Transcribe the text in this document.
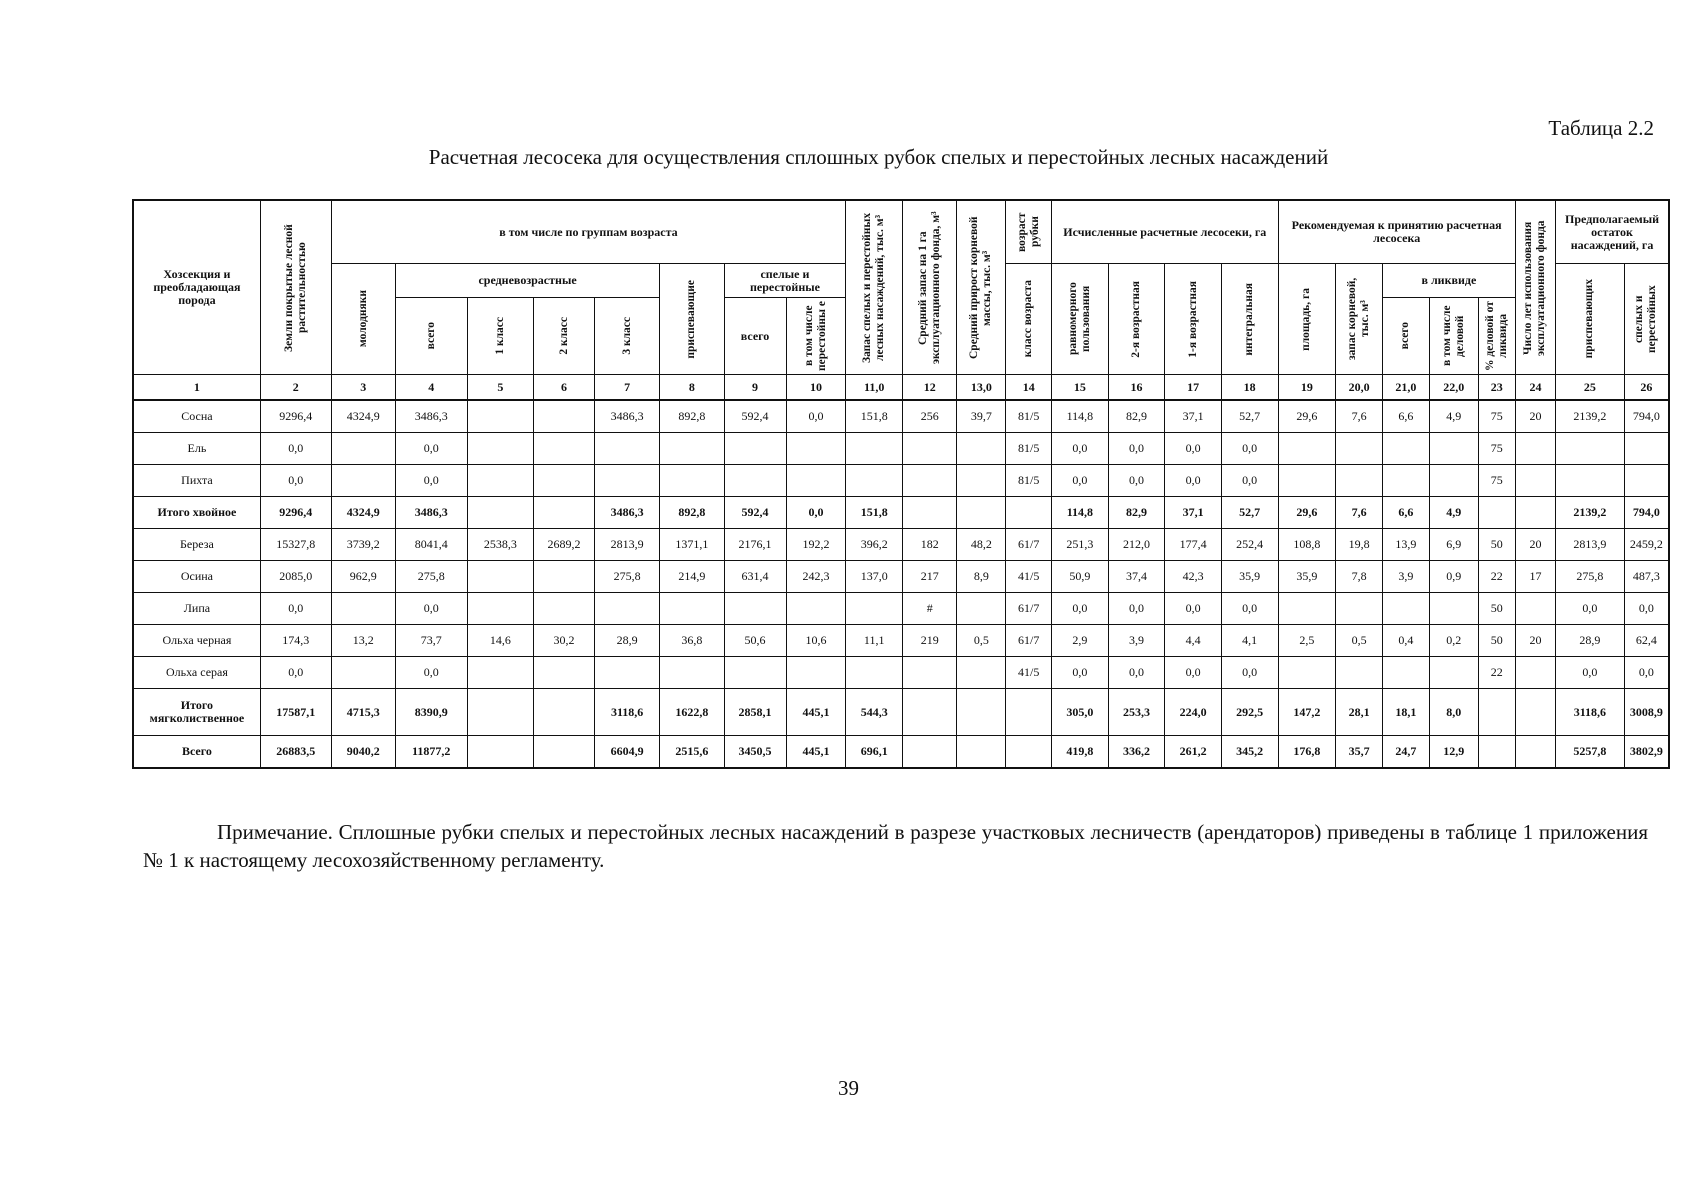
Таблица 2.2
Расчетная лесосека для осуществления сплошных рубок спелых и перестойных лесных насаждений
Хозсекция и преобладающая порода	Земли покрытые лесной растительностью	в том числе по группам возраста								Запас спелых и перестойных лесных насаждений, тыс. м³	Средний запас на 1 га эксплуатационного фонда, м³	Средний прирост корневой массы, тыс. м³	возраст рубки	Исчисленные расчетные лесосеки, га				Рекомендуемая к принятию расчетная лесосека					Число лет использования эксплуатационного фонда	Предполагаемый остаток насаждений, га	

		молодняки	средневозрастные				приспевающие	спелые и перестойные					класс возраста	равномерного пользования	2-я возрастная	1-я возрастная	интегральная	площадь, га	запас корневой, тыс. м³	в ликвиде				приспевающих	спелых и перестойных

			всего	1 класс	2 класс	3 класс		всего	в том числе перестойны е											всего	в том числе деловой	% деловой от ликвида			

1	2	3	4	5	6	7	8	9	10	11,0	12	13,0	14	15	16	17	18	19	20,0	21,0	22,0	23	24	25	26
Сосна	9296,4	4324,9	3486,3			3486,3	892,8	592,4	0,0	151,8	256	39,7	81/5	114,8	82,9	37,1	52,7	29,6	7,6	6,6	4,9	75	20	2139,2	794,0
Ель	0,0		0,0										81/5	0,0	0,0	0,0	0,0					75			
Пихта	0,0		0,0										81/5	0,0	0,0	0,0	0,0					75			
Итого хвойное	9296,4	4324,9	3486,3			3486,3	892,8	592,4	0,0	151,8				114,8	82,9	37,1	52,7	29,6	7,6	6,6	4,9			2139,2	794,0
Береза	15327,8	3739,2	8041,4	2538,3	2689,2	2813,9	1371,1	2176,1	192,2	396,2	182	48,2	61/7	251,3	212,0	177,4	252,4	108,8	19,8	13,9	6,9	50	20	2813,9	2459,2
Осина	2085,0	962,9	275,8			275,8	214,9	631,4	242,3	137,0	217	8,9	41/5	50,9	37,4	42,3	35,9	35,9	7,8	3,9	0,9	22	17	275,8	487,3
Липа	0,0		0,0								#		61/7	0,0	0,0	0,0	0,0					50		0,0	0,0
Ольха черная	174,3	13,2	73,7	14,6	30,2	28,9	36,8	50,6	10,6	11,1	219	0,5	61/7	2,9	3,9	4,4	4,1	2,5	0,5	0,4	0,2	50	20	28,9	62,4
Ольха серая	0,0		0,0										41/5	0,0	0,0	0,0	0,0					22		0,0	0,0
Итого мягколиственное	17587,1	4715,3	8390,9			3118,6	1622,8	2858,1	445,1	544,3				305,0	253,3	224,0	292,5	147,2	28,1	18,1	8,0			3118,6	3008,9
Всего	26883,5	9040,2	11877,2			6604,9	2515,6	3450,5	445,1	696,1				419,8	336,2	261,2	345,2	176,8	35,7	24,7	12,9			5257,8	3802,9
Примечание. Сплошные рубки спелых и перестойных лесных насаждений в разрезе участковых лесничеств (арендаторов) приведены в таблице 1 приложения № 1 к настоящему лесохозяйственному регламенту.
39
